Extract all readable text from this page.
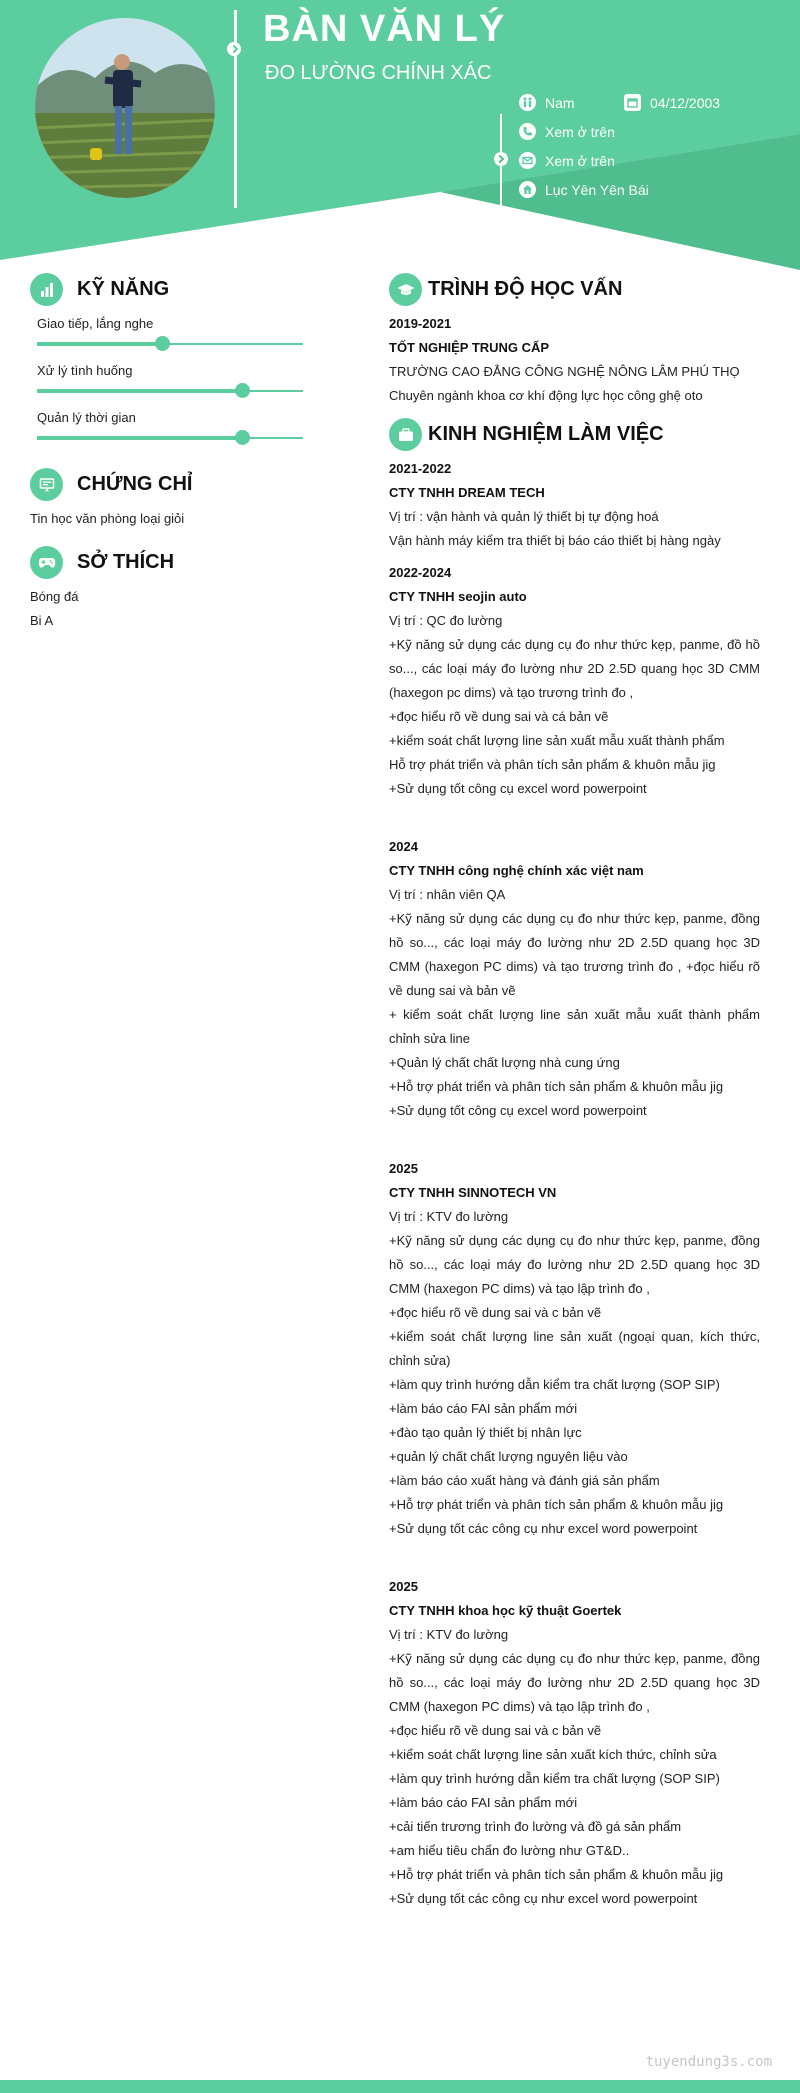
BÀN VĂN LÝ
ĐO LƯỜNG CHÍNH XÁC
Nam	04/12/2003
Xem ở trên
Xem ở trên
Lục Yên Yên Bái
KỸ NĂNG
Giao tiếp, lắng nghe
Xử lý tình huống
Quản lý thời gian
CHỨNG CHỈ
Tin học văn phòng loại giỏi
SỞ THÍCH
Bóng đá
Bi A
TRÌNH ĐỘ HỌC VẤN
2019-2021
TỐT NGHIỆP TRUNG CẤP
TRƯỜNG CAO ĐẲNG CÔNG NGHỆ NÔNG LÂM PHÚ THỌ
Chuyên ngành khoa cơ khí động lực học công ghệ oto
KINH NGHIỆM LÀM VIỆC
2021-2022
CTY TNHH DREAM TECH
Vị trí : vận hành và quản lý thiết bị tự động hoá
Vận hành máy kiểm tra thiết bị báo cáo thiết bị hàng ngày
2022-2024
CTY TNHH seojin auto
Vị trí : QC đo lường
+Kỹ năng sử dụng các dụng cụ đo như thức kẹp, panme, đồ hồ so..., các loại máy đo lường như 2D 2.5D quang học 3D CMM (haxegon pc dims) và tạo trương trình đo ,
+đọc hiểu rõ về dung sai và cá bản vẽ
+kiểm soát chất lượng line sản xuất mẫu xuất thành phẩm
Hỗ trợ phát triển và phân tích sản phẩm & khuôn mẫu jig
+Sử dụng tốt công cụ excel word powerpoint
2024
CTY TNHH công nghệ chính xác việt nam
Vị trí : nhân viên QA
+Kỹ năng sử dụng các dụng cụ đo như thức kẹp, panme, đồng hồ so..., các loại máy đo lường như 2D 2.5D quang học 3D CMM (haxegon PC dims) và tạo trương trình đo , +đọc hiểu rõ về dung sai và bản vẽ
+ kiểm soát chất lượng line sản xuất mẫu xuất thành phẩm chỉnh sửa line
+Quản lý chất chất lượng nhà cung ứng
+Hỗ trợ phát triển và phân tích sản phẩm & khuôn mẫu jig
+Sử dụng tốt công cụ excel word powerpoint
2025
CTY TNHH SINNOTECH VN
Vị trí : KTV đo lường
+Kỹ năng sử dụng các dụng cụ đo như thức kẹp, panme, đồng hồ so..., các loại máy đo lường như 2D 2.5D quang học 3D CMM (haxegon PC dims) và tạo lập trình đo ,
+đọc hiểu rõ về dung sai và c bản vẽ
+kiểm soát chất lượng line sản xuất (ngoại quan, kích thức, chỉnh sửa)
+làm quy trình hướng dẫn kiểm tra chất lượng (SOP SIP)
+làm báo cáo FAI sản phẩm mới
+đào tạo quản lý thiết bị nhân lực
+quản lý chất chất lượng nguyên liệu vào
+làm báo cáo xuất hàng và đánh giá sản phẩm
+Hỗ trợ phát triển và phân tích sản phẩm & khuôn mẫu jig
+Sử dụng tốt các công cụ như excel word powerpoint
2025
CTY TNHH khoa học kỹ thuật Goertek
Vị trí : KTV đo lường
+Kỹ năng sử dụng các dụng cụ đo như thức kẹp, panme, đồng hồ so..., các loại máy đo lường như 2D 2.5D quang học 3D CMM (haxegon PC dims) và tạo lập trình đo ,
+đọc hiểu rõ về dung sai và c bản vẽ
+kiểm soát chất lượng line sản xuất kích thức, chỉnh sửa
+làm quy trình hướng dẫn kiểm tra chất lượng (SOP SIP)
+làm báo cáo FAI sản phẩm mới
+cải tiến trương trình đo lường và đồ gá sản phẩm
+am hiểu tiêu chẩn đo lường như GT&D..
+Hỗ trợ phát triển và phân tích sản phẩm & khuôn mẫu jig
+Sử dụng tốt các công cụ như excel word powerpoint
tuyendung3s.com
